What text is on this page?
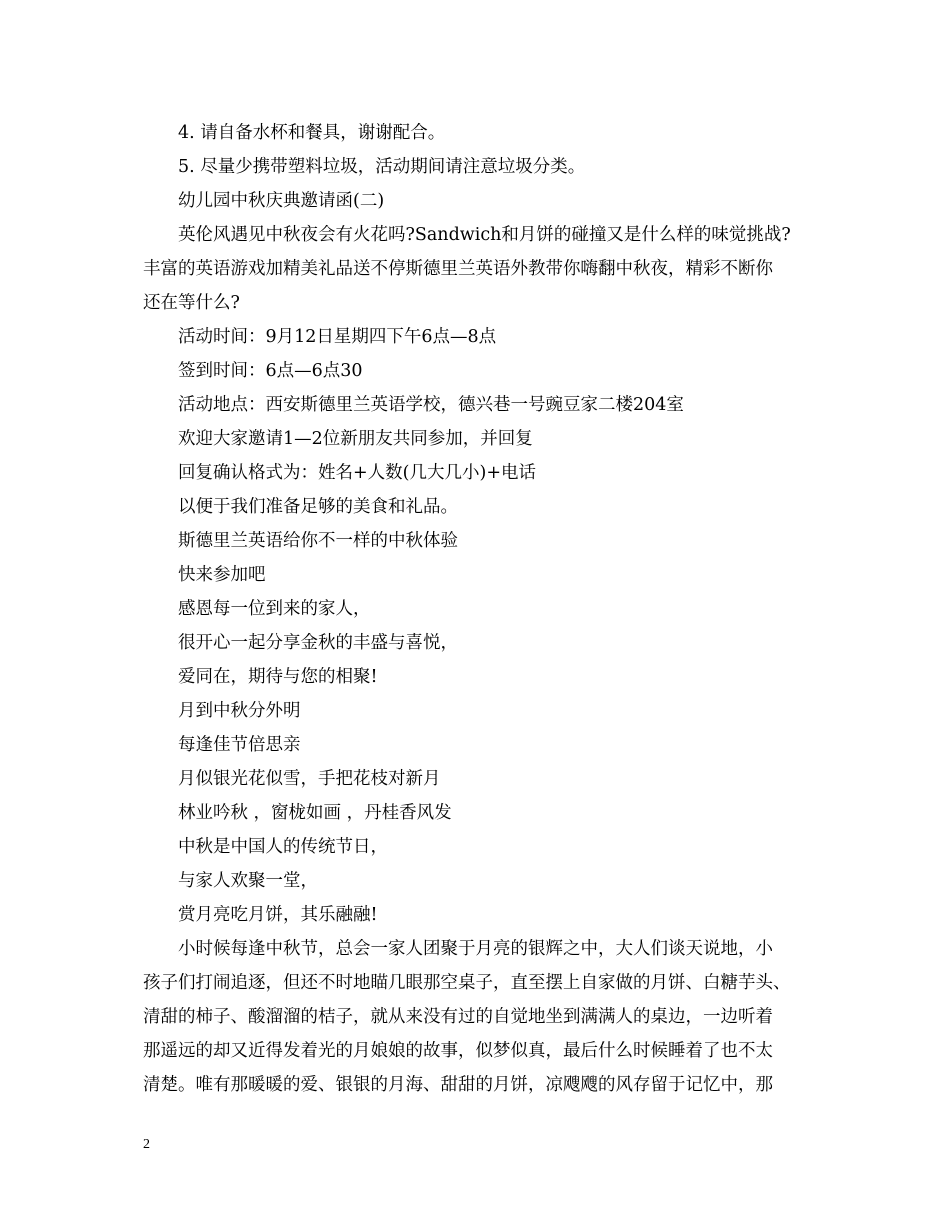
4. 请自备水杯和餐具，谢谢配合。
5. 尽量少携带塑料垃圾，活动期间请注意垃圾分类。
幼儿园中秋庆典邀请函(二)
英伦风遇见中秋夜会有火花吗?Sandwich和月饼的碰撞又是什么样的味觉挑战?
丰富的英语游戏加精美礼品送不停斯德里兰英语外教带你嗨翻中秋夜，精彩不断你
还在等什么?
活动时间：9月12日星期四下午6点—8点
签到时间：6点—6点30
活动地点：西安斯德里兰英语学校，德兴巷一号豌豆家二楼204室
欢迎大家邀请1—2位新朋友共同参加，并回复
回复确认格式为：姓名+人数(几大几小)+电话
以便于我们准备足够的美食和礼品。
斯德里兰英语给你不一样的中秋体验
快来参加吧
感恩每一位到来的家人，
很开心一起分享金秋的丰盛与喜悦，
爱同在，期待与您的相聚!
月到中秋分外明
每逢佳节倍思亲
月似银光花似雪，手把花枝对新月
林业吟秋 ，窗栊如画 ，丹桂香风发
中秋是中国人的传统节日，
与家人欢聚一堂，
赏月亮吃月饼，其乐融融!
小时候每逢中秋节，总会一家人团聚于月亮的银辉之中，大人们谈天说地，小
孩子们打闹追逐，但还不时地瞄几眼那空桌子，直至摆上自家做的月饼、白糖芋头、
清甜的柿子、酸溜溜的桔子，就从来没有过的自觉地坐到满满人的桌边，一边听着
那遥远的却又近得发着光的月娘娘的故事，似梦似真，最后什么时候睡着了也不太
清楚。唯有那暖暖的爱、银银的月海、甜甜的月饼，凉飕飕的风存留于记忆中，那
2
